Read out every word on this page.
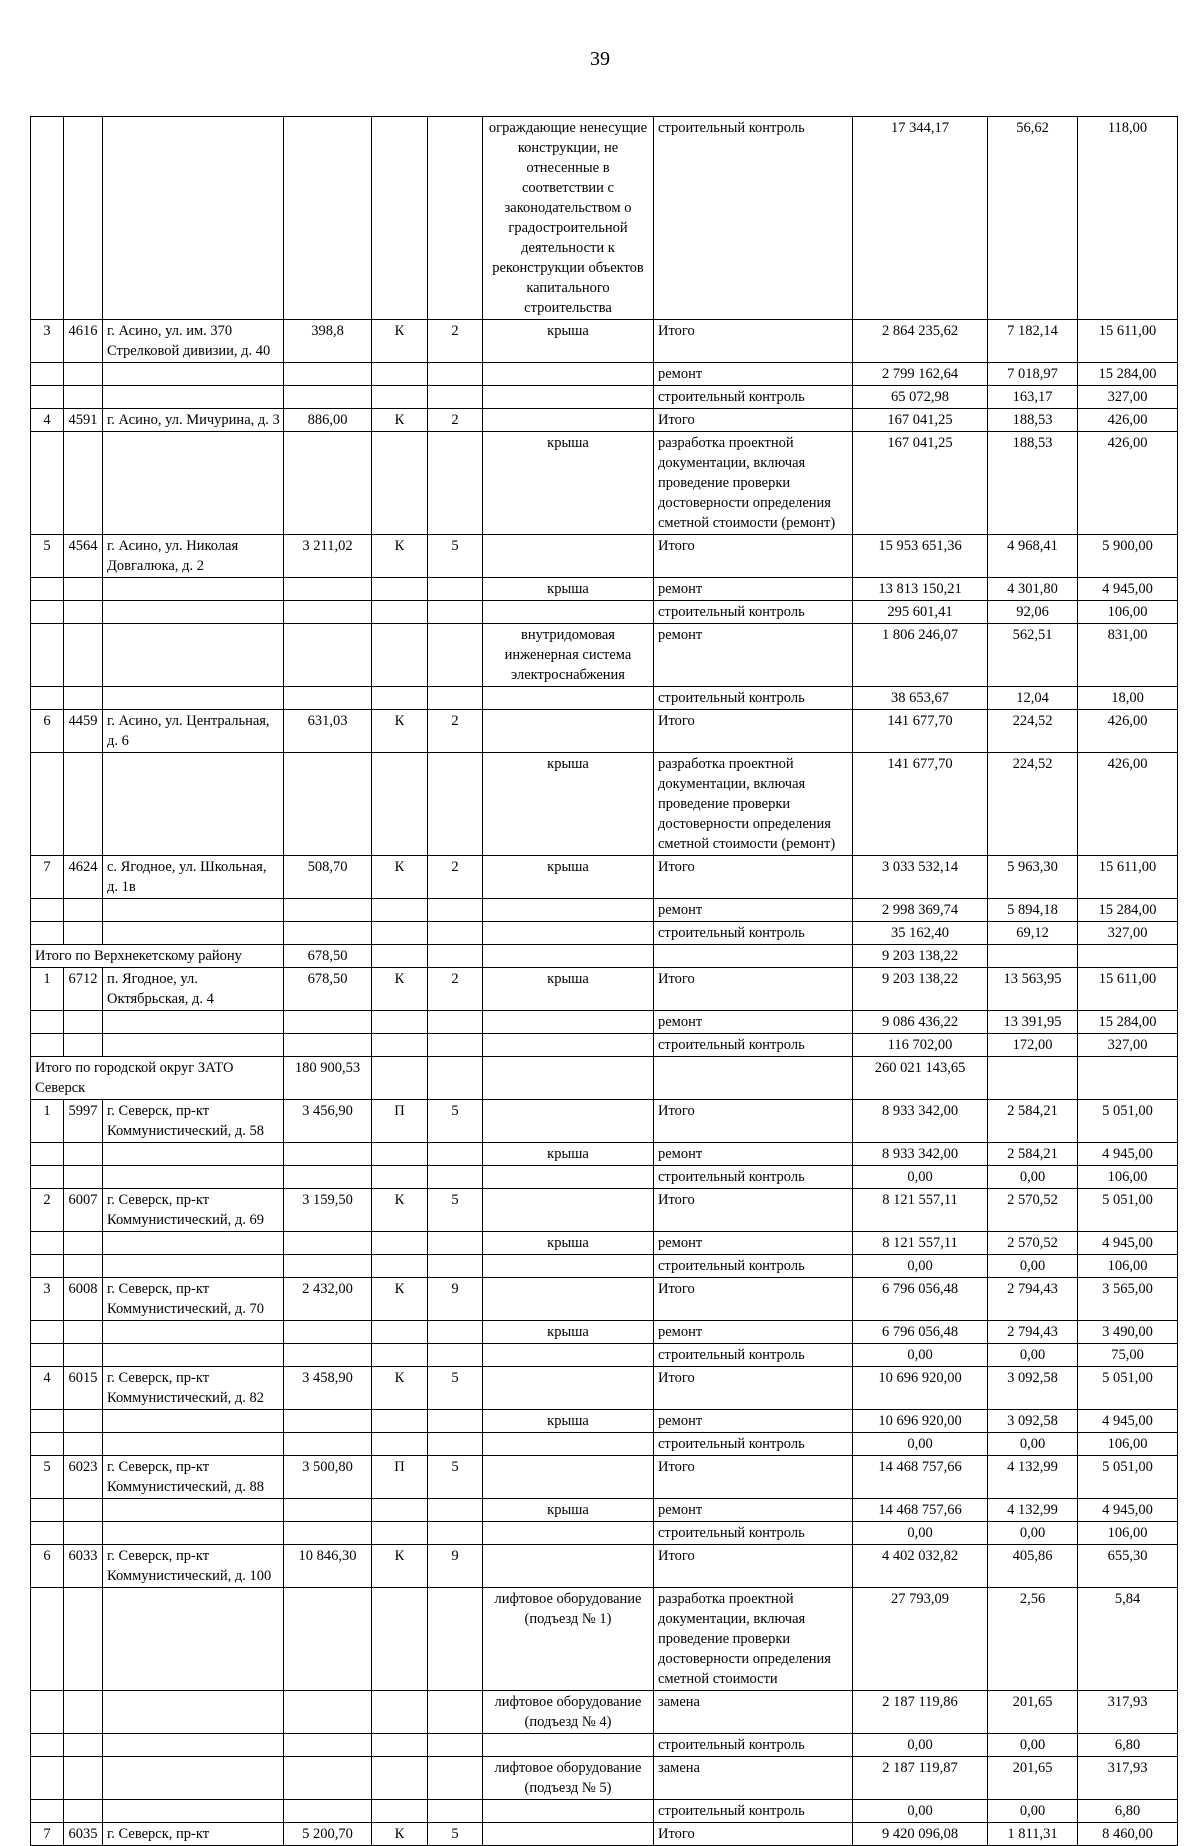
39
						ограждающие ненесущие конструкции, не отнесенные в соответствии с законодательством о градостроительной деятельности к реконструкции объектов капитального строительства	строительный контроль	17 344,17	56,62	118,00
3	4616	г. Асино, ул. им. 370 Стрелковой дивизии, д. 40	398,8	К	2	крыша	Итого	2 864 235,62	7 182,14	15 611,00
							ремонт	2 799 162,64	7 018,97	15 284,00
							строительный контроль	65 072,98	163,17	327,00
4	4591	г. Асино, ул. Мичурина, д. 3	886,00	К	2		Итого	167 041,25	188,53	426,00
						крыша	разработка проектной документации, включая проведение проверки достоверности определения сметной стоимости (ремонт)	167 041,25	188,53	426,00
5	4564	г. Асино, ул. Николая Довгалюка, д. 2	3 211,02	К	5		Итого	15 953 651,36	4 968,41	5 900,00
						крыша	ремонт	13 813 150,21	4 301,80	4 945,00
							строительный контроль	295 601,41	92,06	106,00
						внутридомовая инженерная система электроснабжения	ремонт	1 806 246,07	562,51	831,00
							строительный контроль	38 653,67	12,04	18,00
6	4459	г. Асино, ул. Центральная, д. 6	631,03	К	2		Итого	141 677,70	224,52	426,00
						крыша	разработка проектной документации, включая проведение проверки достоверности определения сметной стоимости (ремонт)	141 677,70	224,52	426,00
7	4624	с. Ягодное, ул. Школьная, д. 1в	508,70	К	2	крыша	Итого	3 033 532,14	5 963,30	15 611,00
							ремонт	2 998 369,74	5 894,18	15 284,00
							строительный контроль	35 162,40	69,12	327,00
Итого по Верхнекетскому району			678,50					9 203 138,22		
1	6712	п. Ягодное, ул. Октябрьская, д. 4	678,50	К	2	крыша	Итого	9 203 138,22	13 563,95	15 611,00
							ремонт	9 086 436,22	13 391,95	15 284,00
							строительный контроль	116 702,00	172,00	327,00
Итого по городской округ ЗАТО Северск			180 900,53					260 021 143,65		
1	5997	г. Северск, пр-кт Коммунистический, д. 58	3 456,90	П	5		Итого	8 933 342,00	2 584,21	5 051,00
						крыша	ремонт	8 933 342,00	2 584,21	4 945,00
							строительный контроль	0,00	0,00	106,00
2	6007	г. Северск, пр-кт Коммунистический, д. 69	3 159,50	К	5		Итого	8 121 557,11	2 570,52	5 051,00
						крыша	ремонт	8 121 557,11	2 570,52	4 945,00
							строительный контроль	0,00	0,00	106,00
3	6008	г. Северск, пр-кт Коммунистический, д. 70	2 432,00	К	9		Итого	6 796 056,48	2 794,43	3 565,00
						крыша	ремонт	6 796 056,48	2 794,43	3 490,00
							строительный контроль	0,00	0,00	75,00
4	6015	г. Северск, пр-кт Коммунистический, д. 82	3 458,90	К	5		Итого	10 696 920,00	3 092,58	5 051,00
						крыша	ремонт	10 696 920,00	3 092,58	4 945,00
							строительный контроль	0,00	0,00	106,00
5	6023	г. Северск, пр-кт Коммунистический, д. 88	3 500,80	П	5		Итого	14 468 757,66	4 132,99	5 051,00
						крыша	ремонт	14 468 757,66	4 132,99	4 945,00
							строительный контроль	0,00	0,00	106,00
6	6033	г. Северск, пр-кт Коммунистический, д. 100	10 846,30	К	9		Итого	4 402 032,82	405,86	655,30
						лифтовое оборудование (подъезд № 1)	разработка проектной документации, включая проведение проверки достоверности определения сметной стоимости	27 793,09	2,56	5,84
						лифтовое оборудование (подъезд № 4)	замена	2 187 119,86	201,65	317,93
							строительный контроль	0,00	0,00	6,80
						лифтовое оборудование (подъезд № 5)	замена	2 187 119,87	201,65	317,93
							строительный контроль	0,00	0,00	6,80
7	6035	г. Северск, пр-кт	5 200,70	К	5		Итого	9 420 096,08	1 811,31	8 460,00
